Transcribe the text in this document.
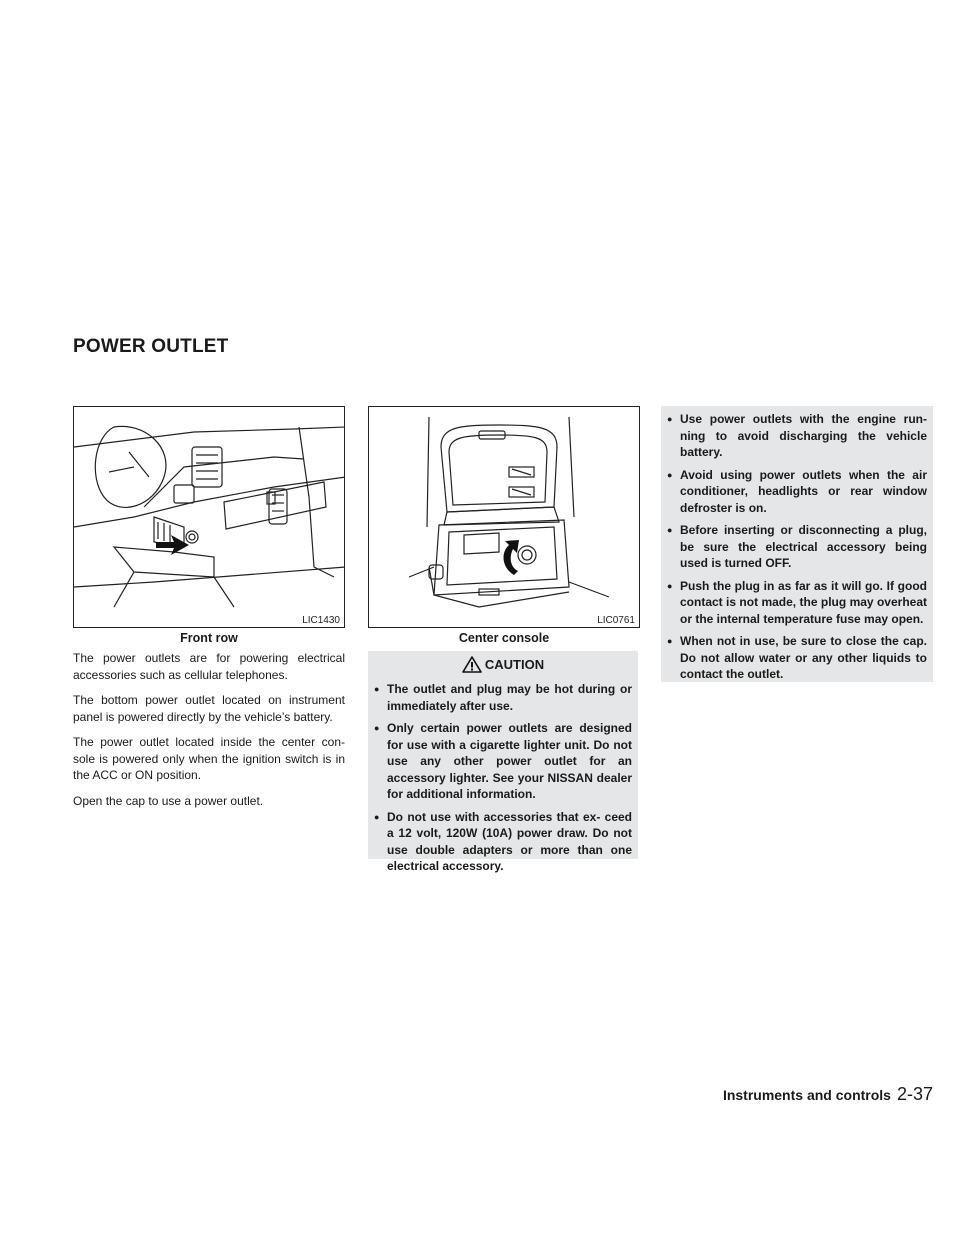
POWER OUTLET
LIC1430

Front row

LIC0761

Center console

The power outlets are for powering electrical accessories such as cellular telephones.

The bottom power outlet located on instrument panel is powered directly by the vehicle’s battery.

The power outlet located inside the center con- sole is powered only when the ignition switch is in the ACC or ON position.

Open the cap to use a power outlet.

CAUTION
● The outlet and plug may be hot during or immediately after use.
● Only certain power outlets are designed for use with a cigarette lighter unit. Do not use any other power outlet for an accessory lighter. See your NISSAN dealer for additional information.
● Do not use with accessories that ex- ceed a 12 volt, 120W (10A) power draw. Do not use double adapters or more than one electrical accessory.
● Use power outlets with the engine run- ning to avoid discharging the vehicle battery.
● Avoid using power outlets when the air conditioner, headlights or rear window defroster is on.
● Before inserting or disconnecting a plug, be sure the electrical accessory being used is turned OFF.
● Push the plug in as far as it will go. If good contact is not made, the plug may overheat or the internal temperature fuse may open.
● When not in use, be sure to close the cap. Do not allow water or any other liquids to contact the outlet.
Instruments and controls 2-37
